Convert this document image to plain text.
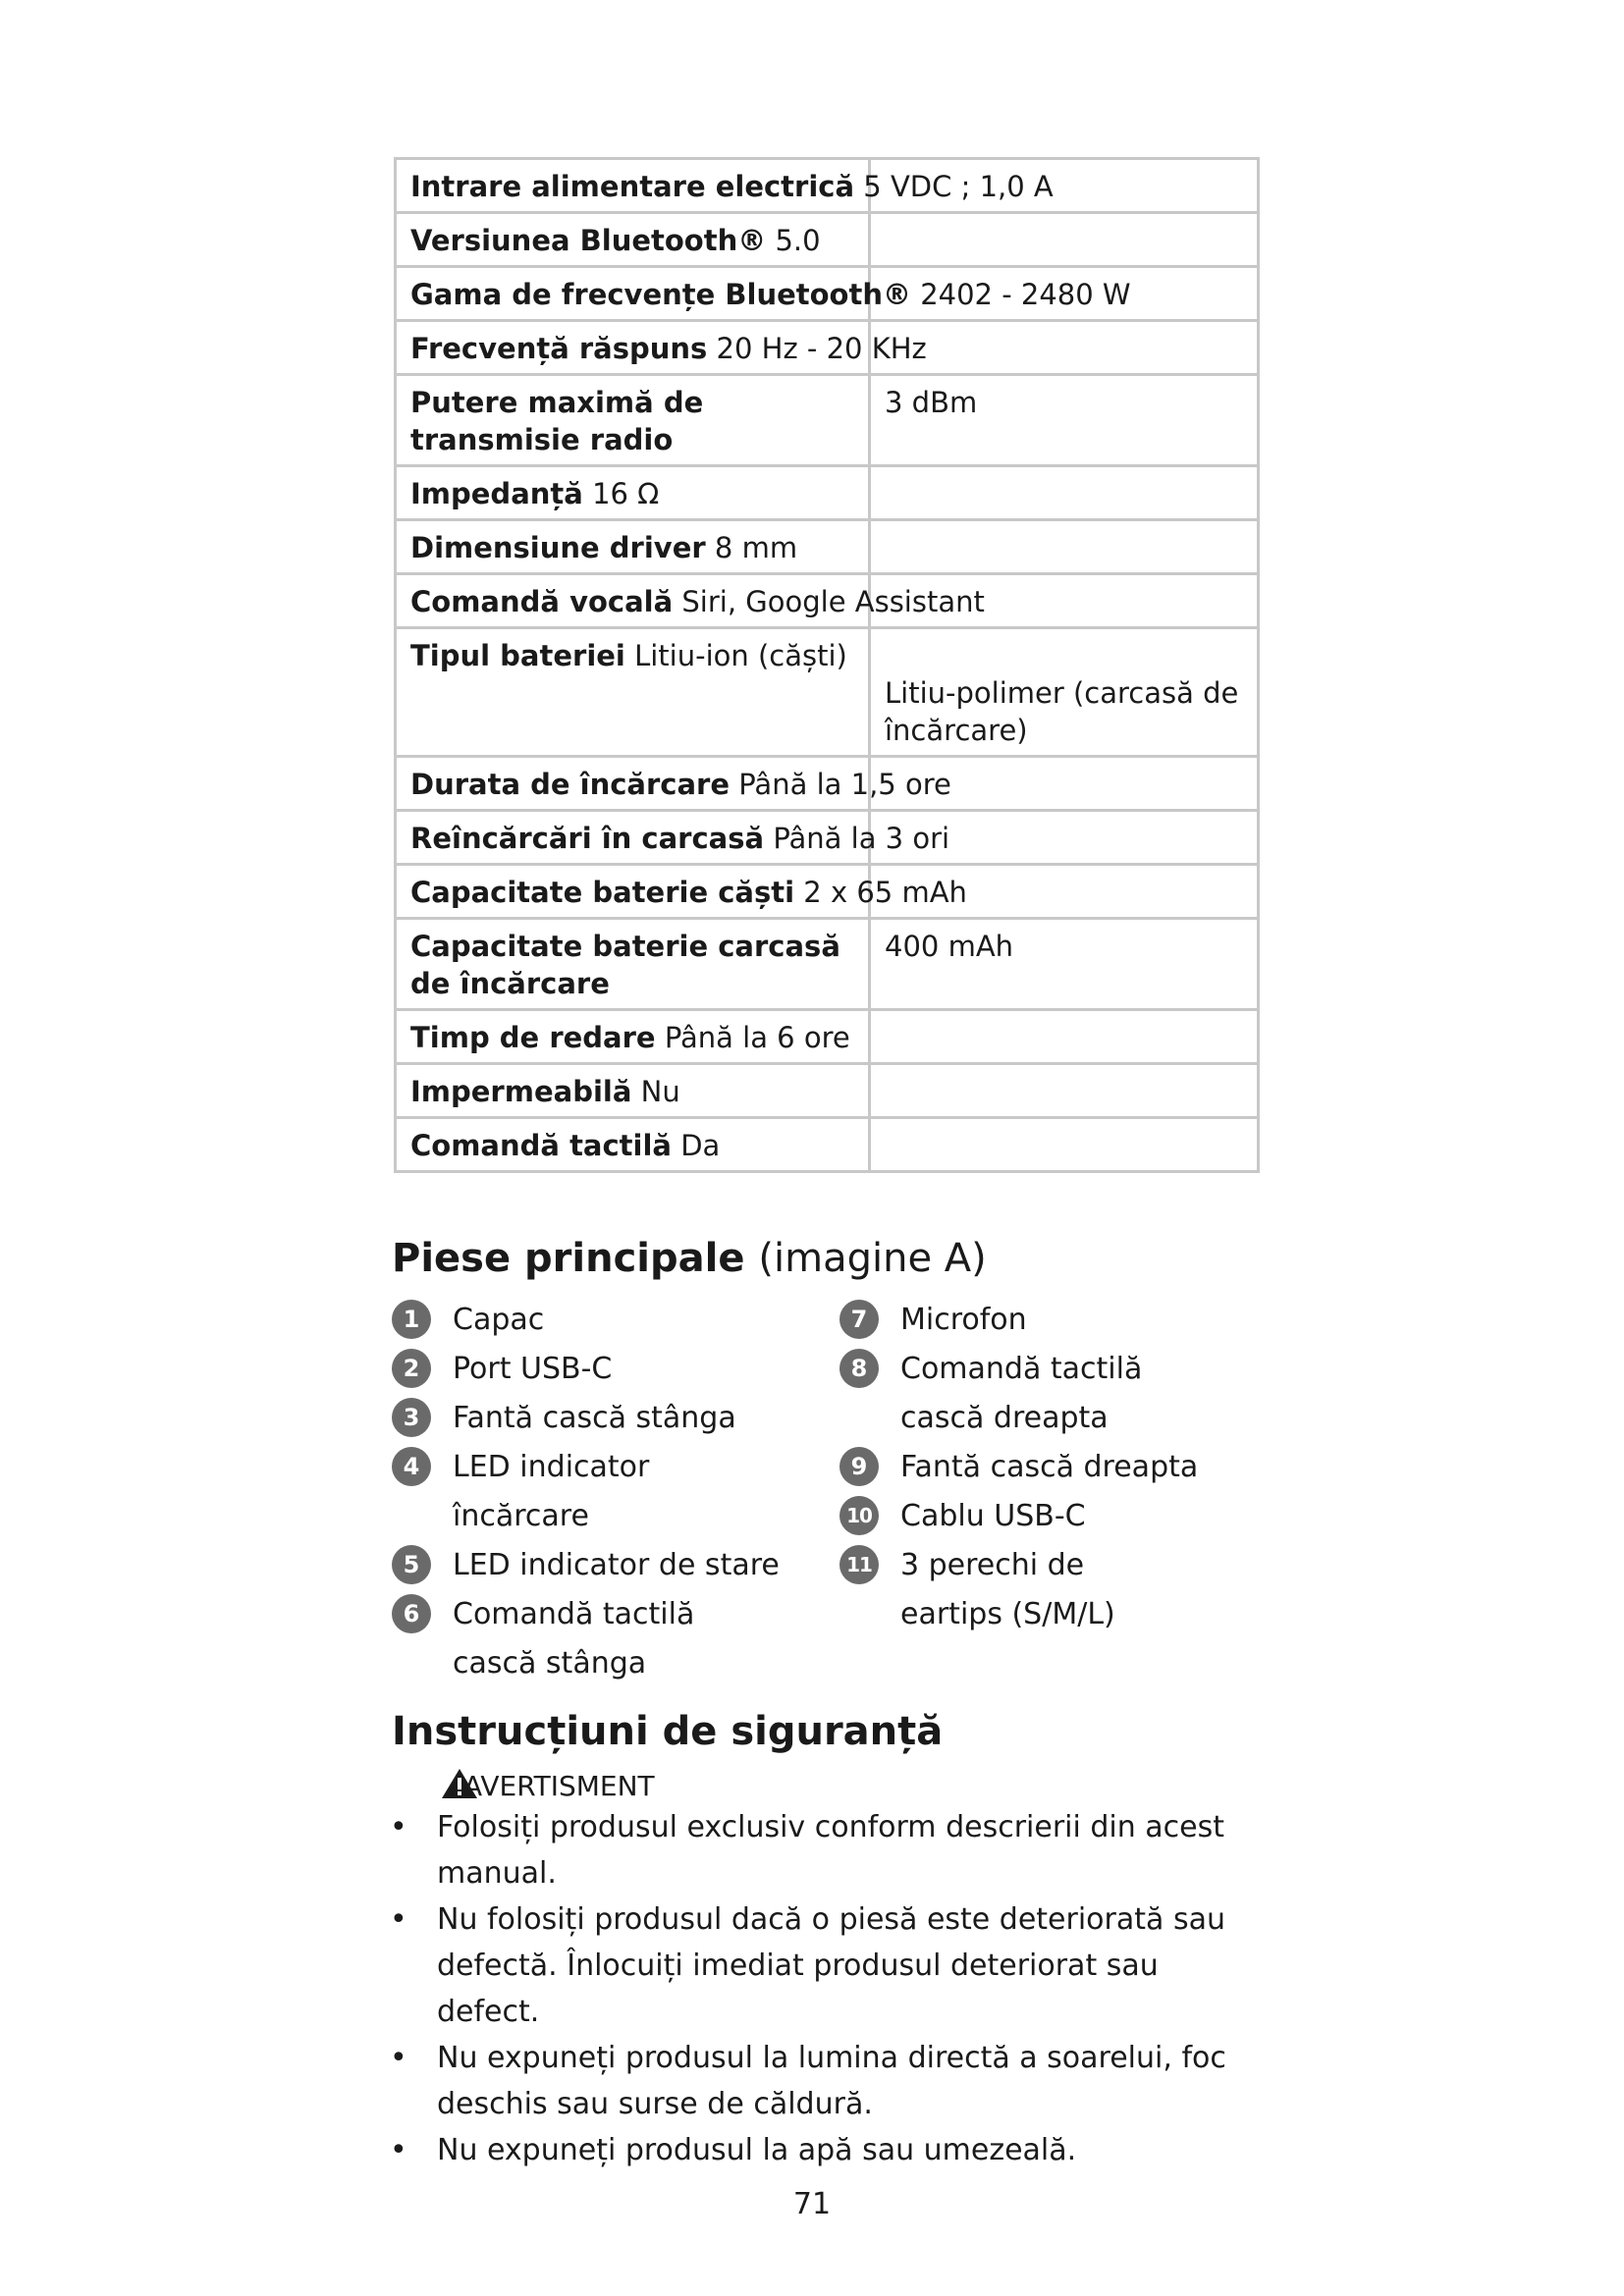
Intrare alimentare electrică 5 VDC ; 1,0 A	

Versiunea Bluetooth® 5.0	

Gama de frecvențe Bluetooth® 2402 - 2480 W	

Frecvență răspuns 20 Hz - 20 KHz	

Putere maximă de transmisie radio	3 dBm

Impedanță 16 Ω	

Dimensiune driver 8 mm	

Comandă vocală Siri, Google Assistant	

Tipul bateriei Litiu-ion (căști)	Litiu-polimer (carcasă de încărcare)

Durata de încărcare Până la 1,5 ore	

Reîncărcări în carcasă Până la 3 ori	

Capacitate baterie căști 2 x 65 mAh	

Capacitate baterie carcasă de încărcare	400 mAh

Timp de redare Până la 6 ore	

Impermeabilă Nu	

Comandă tactilă Da	

Piese principale (imagine A)
1	Capac
2	Port USB-C
3	Fantă cască stânga
4	LED indicator încărcare
5	LED indicator de stare
6	Comandă tactilă cască stânga
7	Microfon
8	Comandă tactilă cască dreapta
9	Fantă cască dreapta
10 Cablu USB-C
11 3 perechi de eartips (S/M/L)
Instrucțiuni de siguranță
AVERTISMENT
• Folosiți produsul exclusiv conform descrierii din acest manual.
• Nu folosiți produsul dacă o piesă este deteriorată sau defectă. Înlocuiți imediat produsul deteriorat sau defect.
• Nu expuneți produsul la lumina directă a soarelui, foc deschis sau surse de căldură.
• Nu expuneți produsul la apă sau umezeală.
71
